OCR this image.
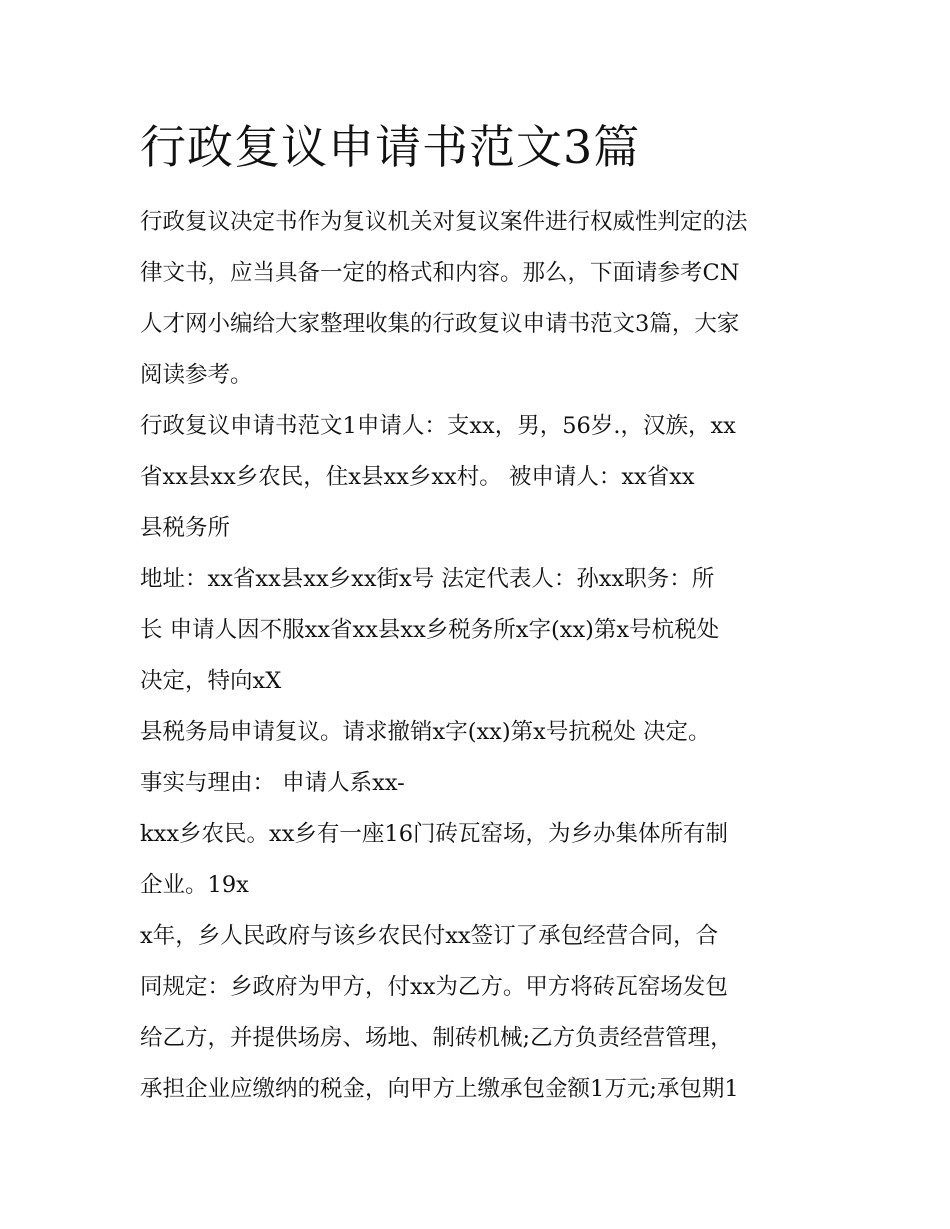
行政复议申请书范文3篇
行政复议决定书作为复议机关对复议案件进行权威性判定的法
律文书，应当具备一定的格式和内容。那么，下面请参考CN
人才网小编给大家整理收集的行政复议申请书范文3篇，大家
阅读参考。
行政复议申请书范文1申请人：支xx，男，56岁.，汉族，xx
省xx县xx乡农民，住x县xx乡xx村。 被申请人：xx省xx
县税务所
地址：xx省xx县xx乡xx街x号 法定代表人：孙xx职务：所
长 申请人因不服xx省xx县xx乡税务所x字(xx)第x号杭税处
决定，特向xX
县税务局申请复议。请求撤销x字(xx)第x号抗税处 决定。
事实与理由： 申请人系xx-
kxx乡农民。xx乡有一座16门砖瓦窑场，为乡办集体所有制
企业。19x
x年，乡人民政府与该乡农民付xx签订了承包经营合同，合
同规定：乡政府为甲方，付xx为乙方。甲方将砖瓦窑场发包
给乙方，并提供场房、场地、制砖机械;乙方负责经营管理，
承担企业应缴纳的税金，向甲方上缴承包金额1万元;承包期1
